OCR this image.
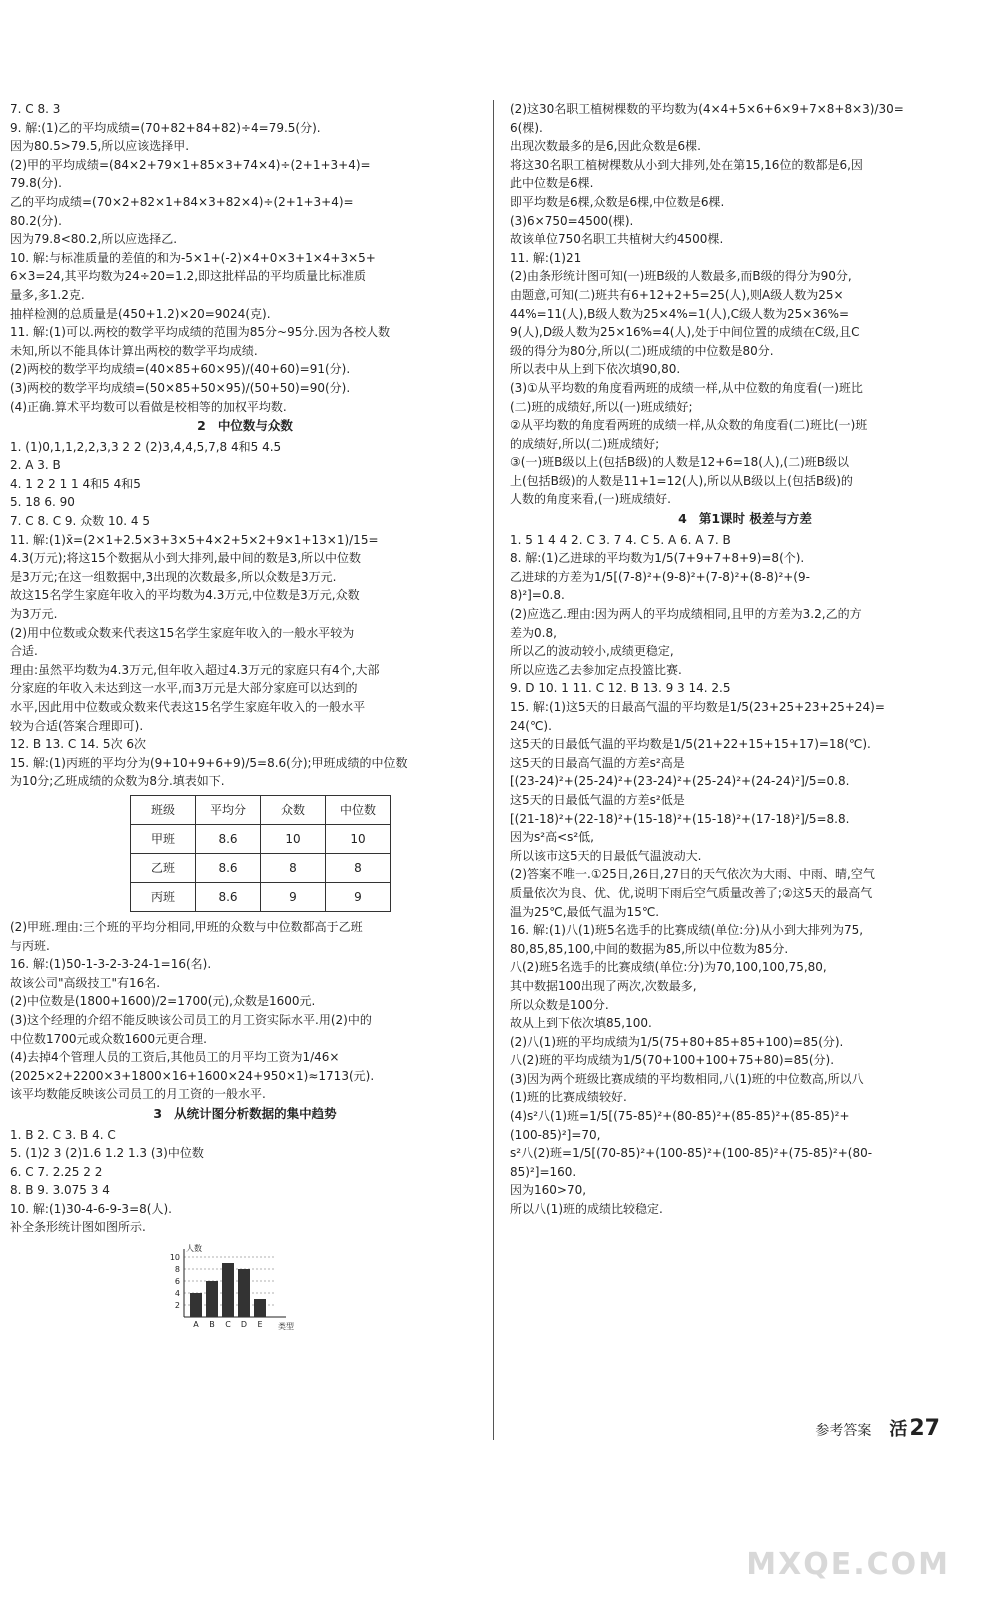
7. C 8. 3
9. 解:(1)乙的平均成绩=(70+82+84+82)÷4=79.5(分).
因为80.5>79.5,所以应该选择甲.
(2)甲的平均成绩=(84×2+79×1+85×3+74×4)÷(2+1+3+4)=
79.8(分).
乙的平均成绩=(70×2+82×1+84×3+82×4)÷(2+1+3+4)=
80.2(分).
因为79.8<80.2,所以应选择乙.
10. 解:与标准质量的差值的和为-5×1+(-2)×4+0×3+1×4+3×5+
6×3=24,其平均数为24÷20=1.2,即这批样品的平均质量比标准质
量多,多1.2克.
抽样检测的总质量是(450+1.2)×20=9024(克).
11. 解:(1)可以.两校的数学平均成绩的范围为85分~95分.因为各校人数
未知,所以不能具体计算出两校的数学平均成绩.
(2)两校的数学平均成绩=(40×85+60×95)/(40+60)=91(分).
(3)两校的数学平均成绩=(50×85+50×95)/(50+50)=90(分).
(4)正确.算术平均数可以看做是校相等的加权平均数.
2 中位数与众数
1. (1)0,1,1,2,2,3,3 2 2 (2)3,4,4,5,7,8 4和5 4.5
2. A 3. B
4. 1 2 2 1 1 4和5 4和5
5. 18 6. 90
7. C 8. C 9. 众数 10. 4 5
11. 解:(1)x̄=(2×1+2.5×3+3×5+4×2+5×2+9×1+13×1)/15=
4.3(万元);将这15个数据从小到大排列,最中间的数是3,所以中位数
是3万元;在这一组数据中,3出现的次数最多,所以众数是3万元.
故这15名学生家庭年收入的平均数为4.3万元,中位数是3万元,众数
为3万元.
(2)用中位数或众数来代表这15名学生家庭年收入的一般水平较为
合适.
理由:虽然平均数为4.3万元,但年收入超过4.3万元的家庭只有4个,大部
分家庭的年收入未达到这一水平,而3万元是大部分家庭可以达到的
水平,因此用中位数或众数来代表这15名学生家庭年收入的一般水平
较为合适(答案合理即可).
12. B 13. C 14. 5次 6次
15. 解:(1)丙班的平均分为(9+10+9+6+9)/5=8.6(分);甲班成绩的中位数
为10分;乙班成绩的众数为8分.填表如下.
班级	平均分	众数	中位数
甲班	8.6	10	10
乙班	8.6	8	8
丙班	8.6	9	9
(2)甲班.理由:三个班的平均分相同,甲班的众数与中位数都高于乙班
与丙班.
16. 解:(1)50-1-3-2-3-24-1=16(名).
故该公司"高级技工"有16名.
(2)中位数是(1800+1600)/2=1700(元),众数是1600元.
(3)这个经理的介绍不能反映该公司员工的月工资实际水平.用(2)中的
中位数1700元或众数1600元更合理.
(4)去掉4个管理人员的工资后,其他员工的月平均工资为1/46×
(2025×2+2200×3+1800×16+1600×24+950×1)≈1713(元).
该平均数能反映该公司员工的月工资的一般水平.
3 从统计图分析数据的集中趋势
1. B 2. C 3. B 4. C
5. (1)2 3 (2)1.6 1.2 1.3 (3)中位数
6. C 7. 2.25 2 2
8. B 9. 3.075 3 4
10. 解:(1)30-4-6-9-3=8(人).
补全条形统计图如图所示.
2
4
6
8
10
人数
类型
A B C D E
(2)这30名职工植树棵数的平均数为(4×4+5×6+6×9+7×8+8×3)/30=
6(棵).
出现次数最多的是6,因此众数是6棵.
将这30名职工植树棵数从小到大排列,处在第15,16位的数都是6,因
此中位数是6棵.
即平均数是6棵,众数是6棵,中位数是6棵.
(3)6×750=4500(棵).
故该单位750名职工共植树大约4500棵.
11. 解:(1)21
(2)由条形统计图可知(一)班B级的人数最多,而B级的得分为90分,
由题意,可知(二)班共有6+12+2+5=25(人),则A级人数为25×
44%=11(人),B级人数为25×4%=1(人),C级人数为25×36%=
9(人),D级人数为25×16%=4(人),处于中间位置的成绩在C级,且C
级的得分为80分,所以(二)班成绩的中位数是80分.
所以表中从上到下依次填90,80.
(3)①从平均数的角度看两班的成绩一样,从中位数的角度看(一)班比
(二)班的成绩好,所以(一)班成绩好;
②从平均数的角度看两班的成绩一样,从众数的角度看(二)班比(一)班
的成绩好,所以(二)班成绩好;
③(一)班B级以上(包括B级)的人数是12+6=18(人),(二)班B级以
上(包括B级)的人数是11+1=12(人),所以从B级以上(包括B级)的
人数的角度来看,(一)班成绩好.
4 第1课时 极差与方差
1. 5 1 4 4 2. C 3. 7 4. C 5. A 6. A 7. B
8. 解:(1)乙进球的平均数为1/5(7+9+7+8+9)=8(个).
乙进球的方差为1/5[(7-8)²+(9-8)²+(7-8)²+(8-8)²+(9-
8)²]=0.8.
(2)应选乙.理由:因为两人的平均成绩相同,且甲的方差为3.2,乙的方
差为0.8,
所以乙的波动较小,成绩更稳定,
所以应选乙去参加定点投篮比赛.
9. D 10. 1 11. C 12. B 13. 9 3 14. 2.5
15. 解:(1)这5天的日最高气温的平均数是1/5(23+25+23+25+24)=
24(℃).
这5天的日最低气温的平均数是1/5(21+22+15+15+17)=18(℃).
这5天的日最高气温的方差s²高是
[(23-24)²+(25-24)²+(23-24)²+(25-24)²+(24-24)²]/5=0.8.
这5天的日最低气温的方差s²低是
[(21-18)²+(22-18)²+(15-18)²+(15-18)²+(17-18)²]/5=8.8.
因为s²高<s²低,
所以该市这5天的日最低气温波动大.
(2)答案不唯一.①25日,26日,27日的天气依次为大雨、中雨、晴,空气
质量依次为良、优、优,说明下雨后空气质量改善了;②这5天的最高气
温为25℃,最低气温为15℃.
16. 解:(1)八(1)班5名选手的比赛成绩(单位:分)从小到大排列为75,
80,85,85,100,中间的数据为85,所以中位数为85分.
八(2)班5名选手的比赛成绩(单位:分)为70,100,100,75,80,
其中数据100出现了两次,次数最多,
所以众数是100分.
故从上到下依次填85,100.
(2)八(1)班的平均成绩为1/5(75+80+85+85+100)=85(分).
八(2)班的平均成绩为1/5(70+100+100+75+80)=85(分).
(3)因为两个班级比赛成绩的平均数相同,八(1)班的中位数高,所以八
(1)班的比赛成绩较好.
(4)s²八(1)班=1/5[(75-85)²+(80-85)²+(85-85)²+(85-85)²+
(100-85)²]=70,
s²八(2)班=1/5[(70-85)²+(100-85)²+(100-85)²+(75-85)²+(80-
85)²]=160.
因为160>70,
所以八(1)班的成绩比较稳定.
参考答案 活27
MXQE.COM
